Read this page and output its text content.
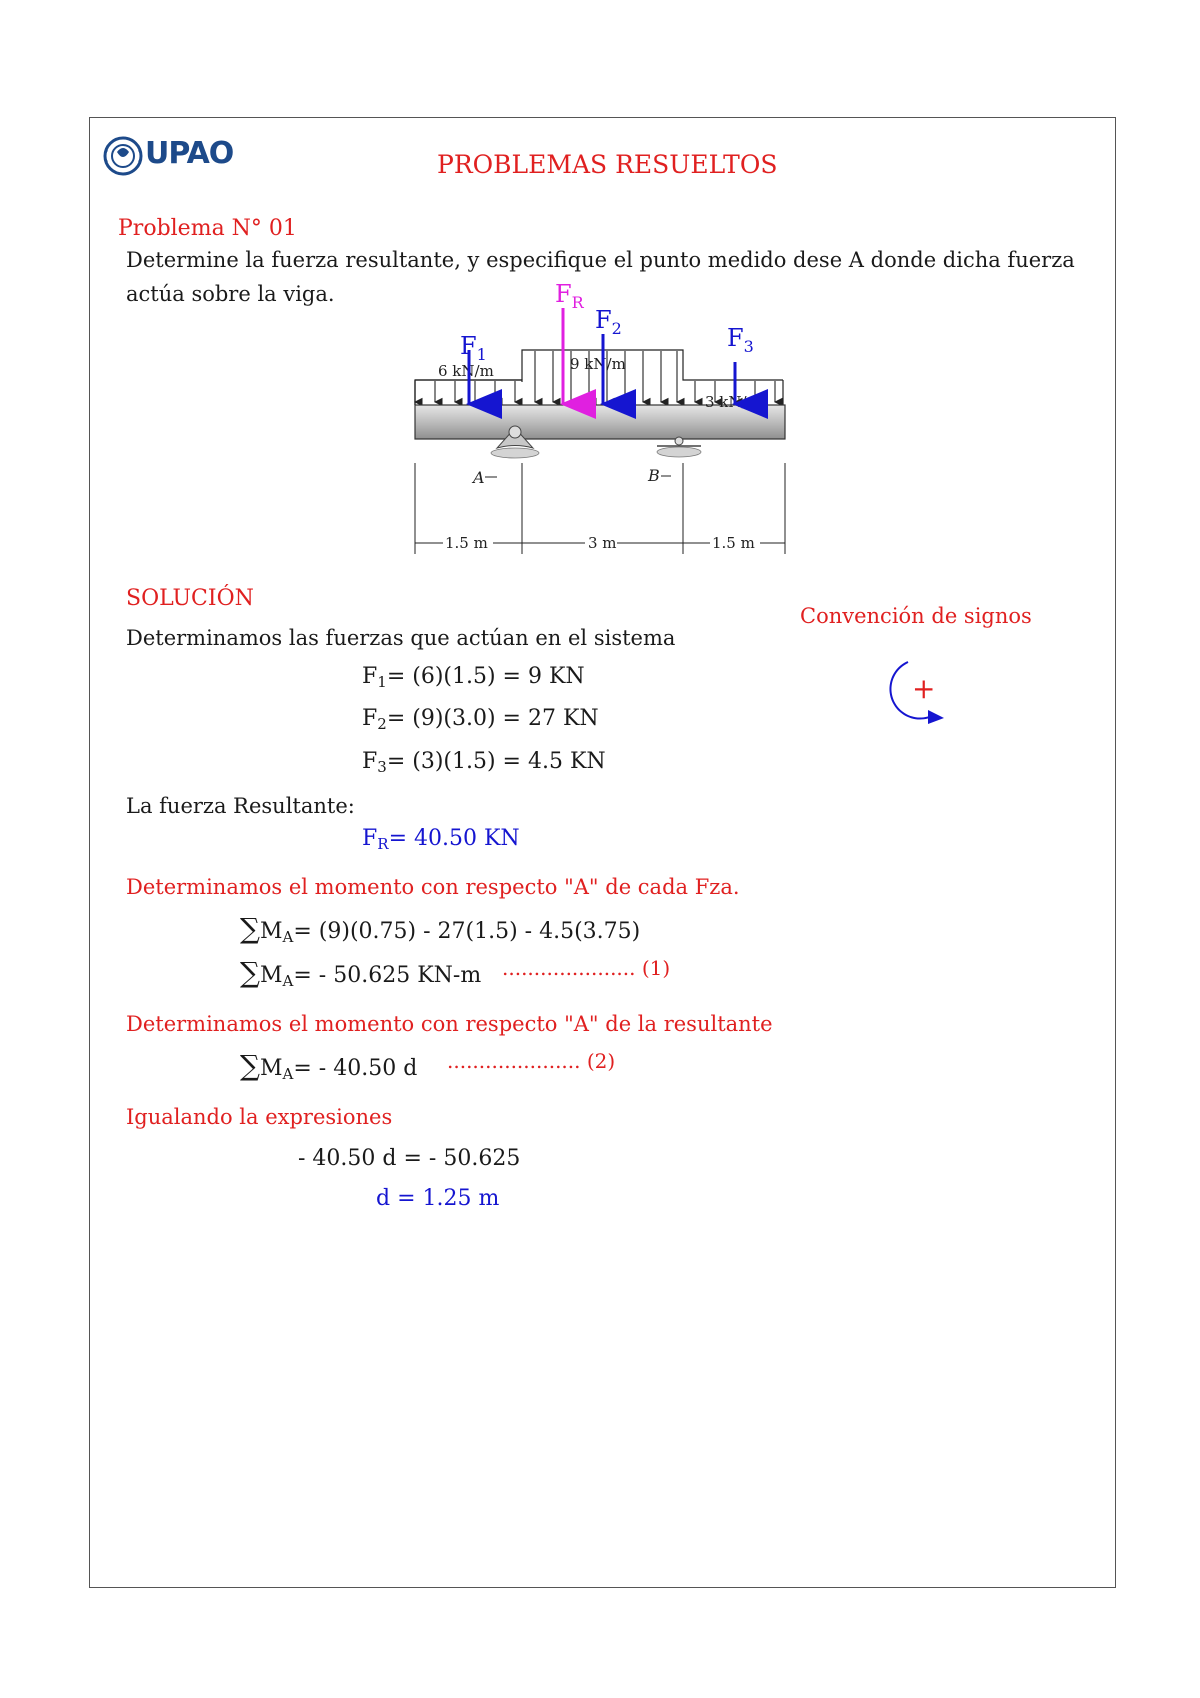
UPAO	PROBLEMAS RESUELTOS
Problema N° 01
Determine la fuerza resultante, y especifique el punto medido dese A donde dicha fuerza
actúa sobre la viga.
A	B
6 kN/m	9 kN/m
3 kN/m
1.5 m	3 m	1.5 m
$F_1$
$F_R$
$F_2$	$F_3$
SOLUCIÓN
Determinamos las fuerzas que actúan en el sistema
$F_1= (6)(1.5) = 9$ KN
$F_2= (9)(3.0) = 27$ KN
$F_3= (3)(1.5) = 4.5$ KN
La fuerza Resultante:
$F_R= 40.50$ KN
Determinamos el momento con respecto "A" de cada Fza.
$\sum M_A= (9)(0.75) - 27(1.5) - 4.5(3.75)$
$\sum M_A= - 50.625$ KN-m ..................... (1)
Determinamos el momento con respecto "A" de la resultante
$\sum M_A= - 40.50$ d ..................... (2)
Igualando la expresiones
- 40.50 d = - 50.625
d = 1.25 m
Convención de signos
+
